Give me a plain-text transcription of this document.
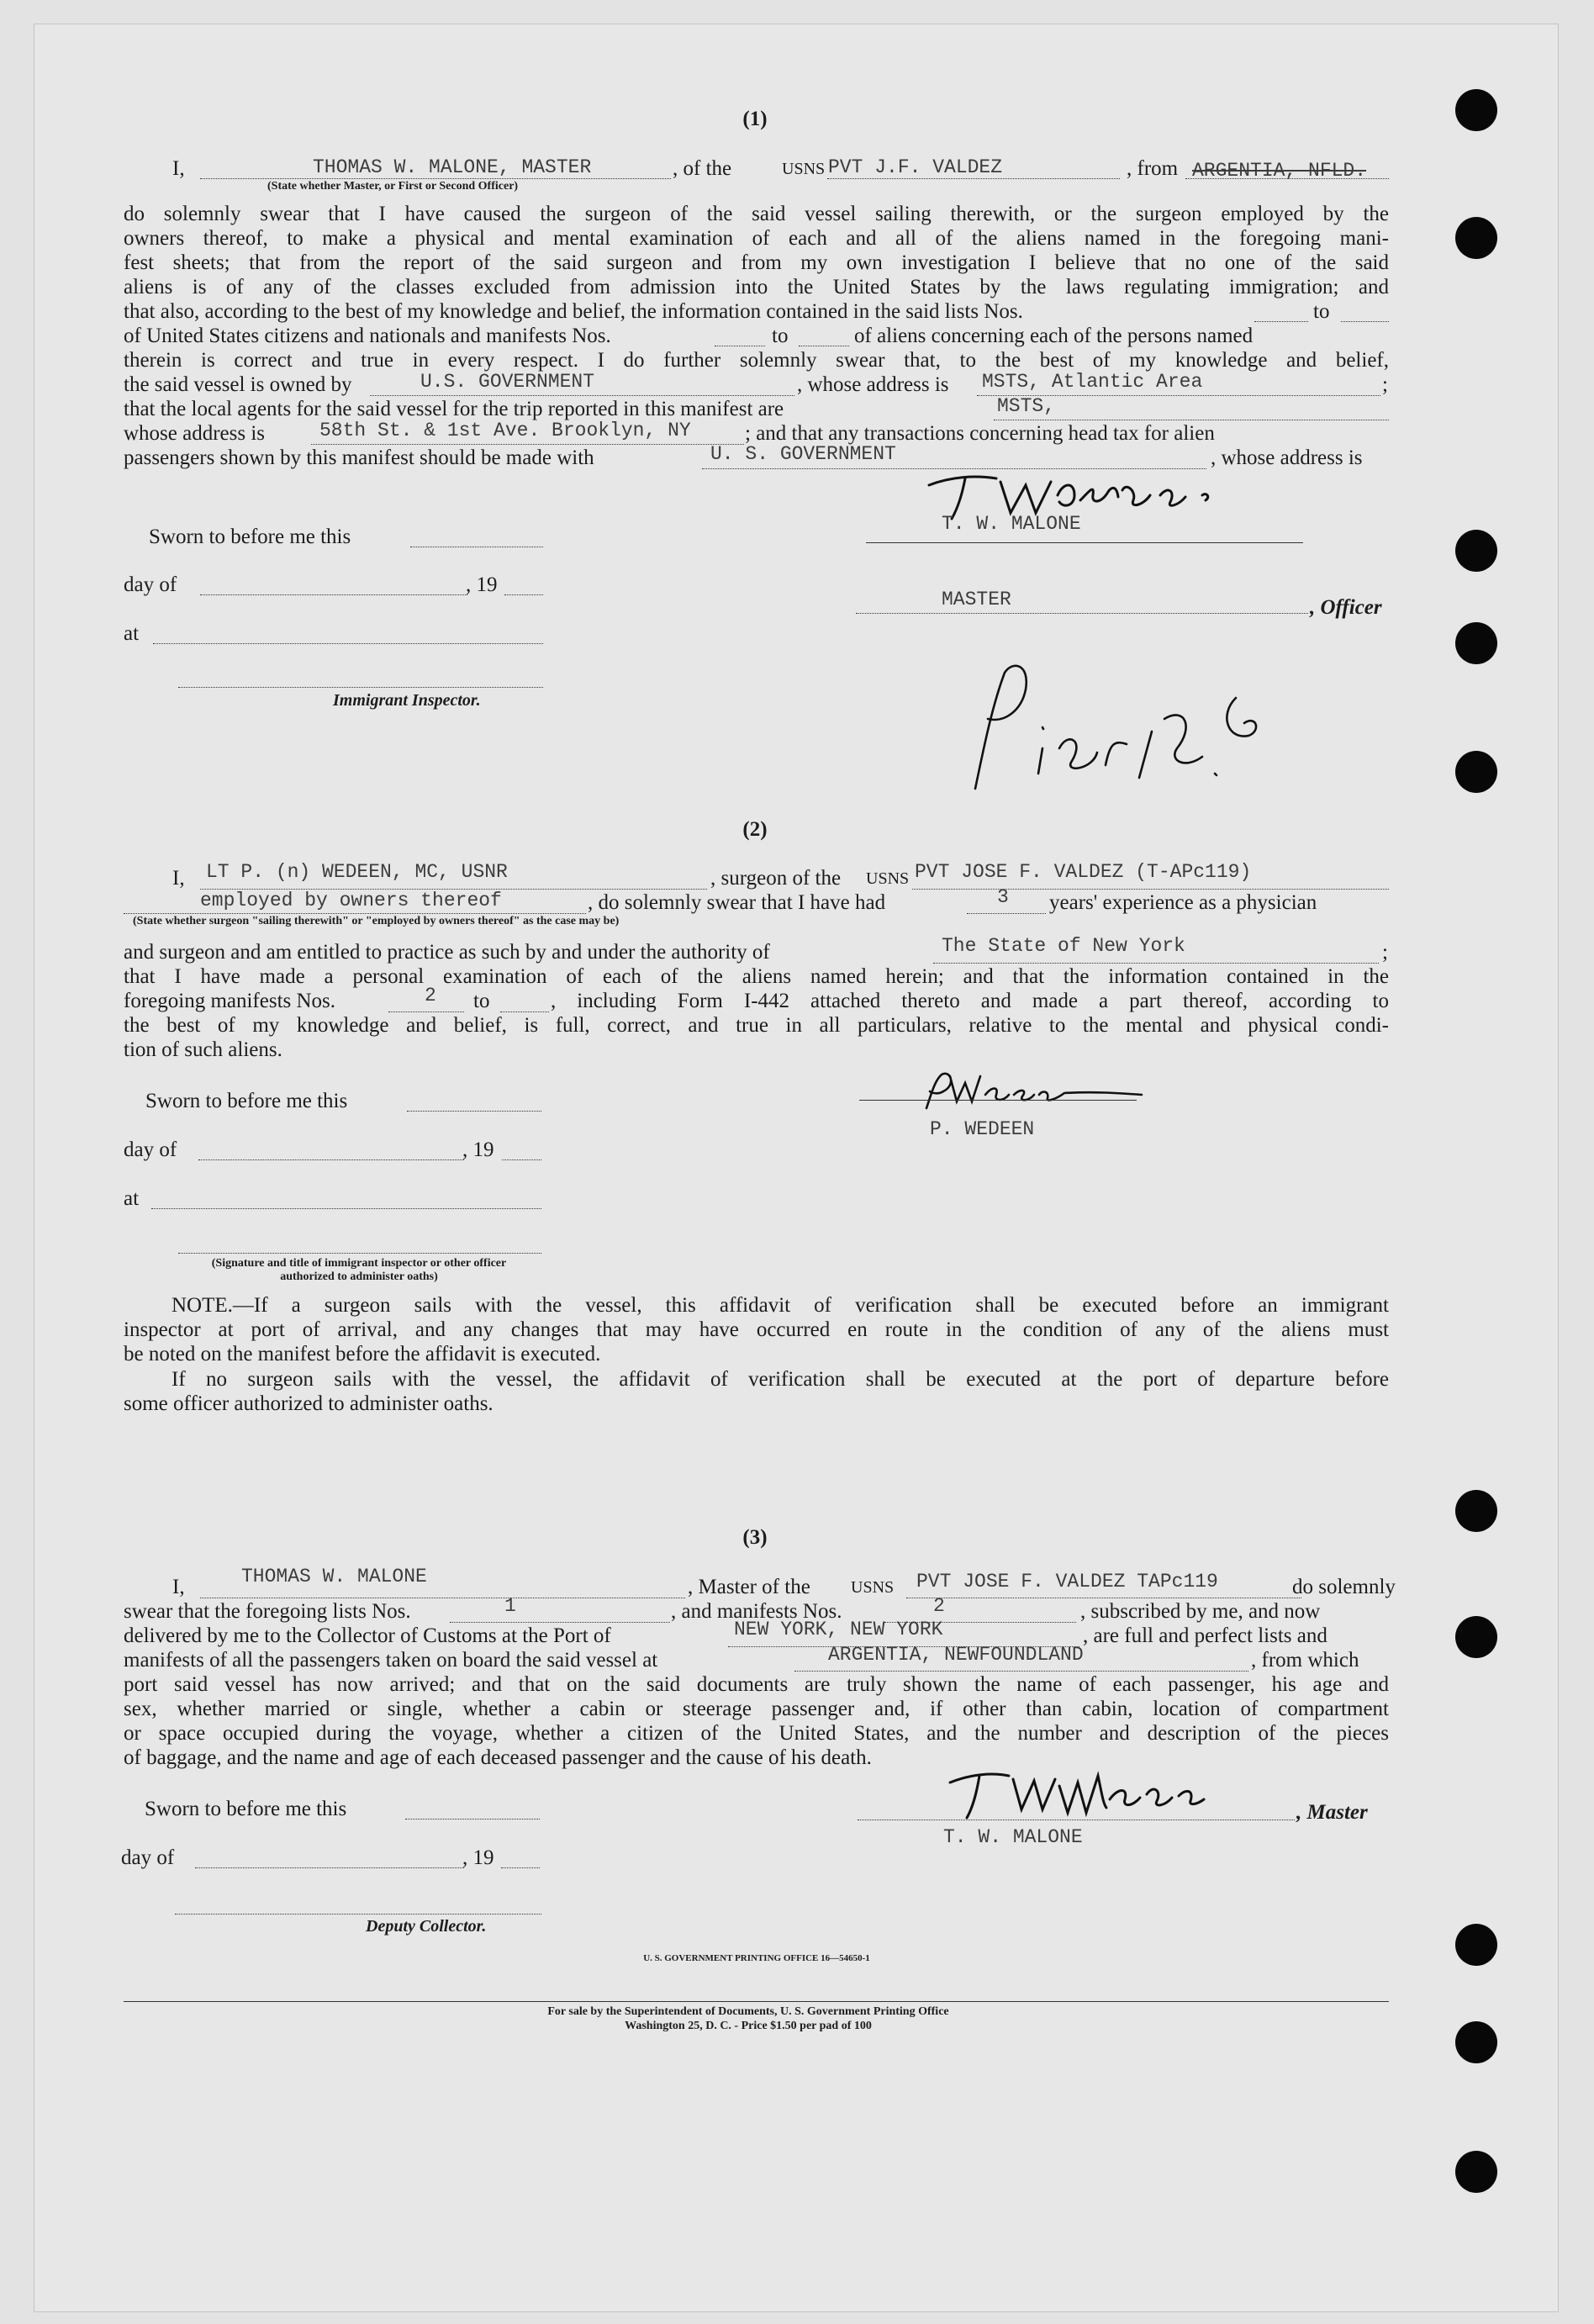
(1)
I,	THOMAS W. MALONE, MASTER	, of the	USNS PVT J.F. VALDEZ	, from ARGENTIA, NFLD.
(State whether Master, or First or Second Officer)
do solemnly swear that I have caused the surgeon of the said vessel sailing therewith, or the surgeon employed by the
owners thereof, to make a physical and mental examination of each and all of the aliens named in the foregoing mani-
fest sheets; that from the report of the said surgeon and from my own investigation I believe that no one of the said
aliens is of any of the classes excluded from admission into the United States by the laws regulating immigration; and
that also, according to the best of my knowledge and belief, the information contained in the said lists Nos.	to
of United States citizens and nationals and manifests Nos.	to	of aliens concerning each of the persons named
therein is correct and true in every respect. I do further solemnly swear that, to the best of my knowledge and belief,
the said vessel is owned by	U.S. GOVERNMENT	, whose address is MSTS, Atlantic Area	;
that the local agents for the said vessel for the trip reported in this manifest are	MSTS,
whose address is	58th St. & 1st Ave. Brooklyn, NY	; and that any transactions concerning head tax for alien
passengers shown by this manifest should be made with	U. S. GOVERNMENT	, whose address is
T. W. MALONE
Sworn to before me this
day of	, 19
MASTER	, Officer
at
Immigrant Inspector.
Pier 12 S.I.
(2)
I, LT P. (n) WEDEEN, MC, USNR	, surgeon of the USNS PVT JOSE F. VALDEZ (T-APc119)
employed by owners thereof	, do solemnly swear that I have had	3 years' experience as a physician
(State whether surgeon "sailing therewith" or "employed by owners thereof" as the case may be)
and surgeon and am entitled to practice as such by and under the authority of	The State of New York	;
that I have made a personal examination of each of the aliens named herein; and that the information contained in the
foregoing manifests Nos.	2 to	, including Form I-442 attached thereto and made a part thereof, according to
the best of my knowledge and belief, is full, correct, and true in all particulars, relative to the mental and physical condi-
tion of such aliens.
Sworn to before me this
P. WEDEEN
day of	, 19
at
(Signature and title of immigrant inspector or other officer authorized to administer oaths)
NOTE.—If a surgeon sails with the vessel, this affidavit of verification shall be executed before an immigrant
inspector at port of arrival, and any changes that may have occurred en route in the condition of any of the aliens must
be noted on the manifest before the affidavit is executed.
If no surgeon sails with the vessel, the affidavit of verification shall be executed at the port of departure before
some officer authorized to administer oaths.
(3)
I,	THOMAS W. MALONE	, Master of the USNS PVT JOSE F. VALDEZ TAPc119	do solemnly
swear that the foregoing lists Nos.	1	, and manifests Nos.	2	, subscribed by me, and now
delivered by me to the Collector of Customs at the Port of	NEW YORK, NEW YORK	, are full and perfect lists and
manifests of all the passengers taken on board the said vessel at	ARGENTIA, NEWFOUNDLAND	, from which
port said vessel has now arrived; and that on the said documents are truly shown the name of each passenger, his age and
sex, whether married or single, whether a cabin or steerage passenger and, if other than cabin, location of compartment
or space occupied during the voyage, whether a citizen of the United States, and the number and description of the pieces
of baggage, and the name and age of each deceased passenger and the cause of his death.
, Master
T. W. MALONE
Sworn to before me this
day of	, 19
Deputy Collector.
U. S. GOVERNMENT PRINTING OFFICE 16—54650-1
For sale by the Superintendent of Documents, U. S. Government Printing Office
Washington 25, D. C. - Price $1.50 per pad of 100
